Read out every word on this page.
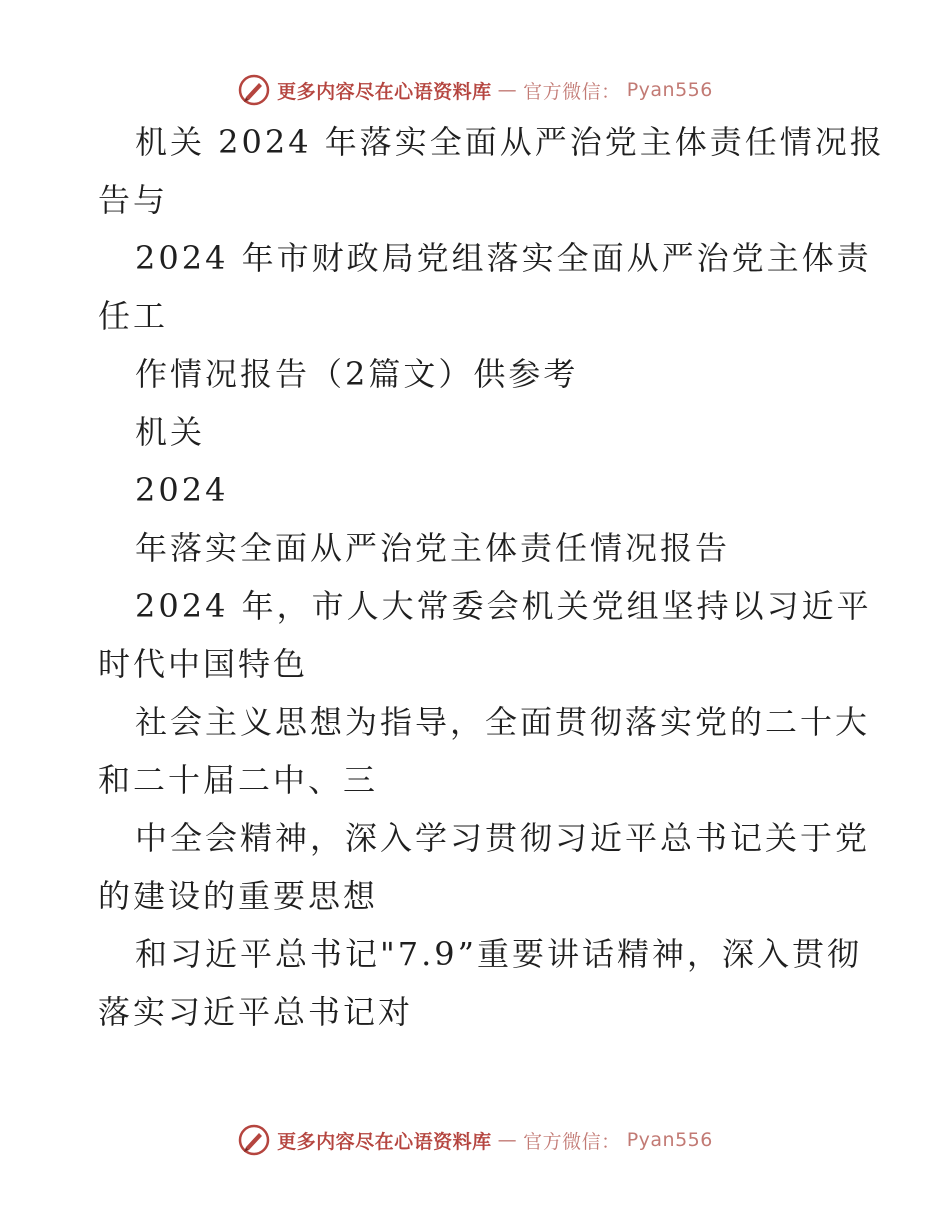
更多内容尽在心语资料库 — 官方微信： Pyan556
机关 2024 年落实全面从严治党主体责任情况报
告与
2024 年市财政局党组落实全面从严治党主体责
任工
作情况报告（2篇文）供参考
机关
2024
年落实全面从严治党主体责任情况报告
2024 年，市人大常委会机关党组坚持以习近平
时代中国特色
社会主义思想为指导，全面贯彻落实党的二十大
和二十届二中、三
中全会精神，深入学习贯彻习近平总书记关于党
的建设的重要思想
和习近平总书记"7.9”重要讲话精神，深入贯彻
落实习近平总书记对
更多内容尽在心语资料库 — 官方微信： Pyan556
